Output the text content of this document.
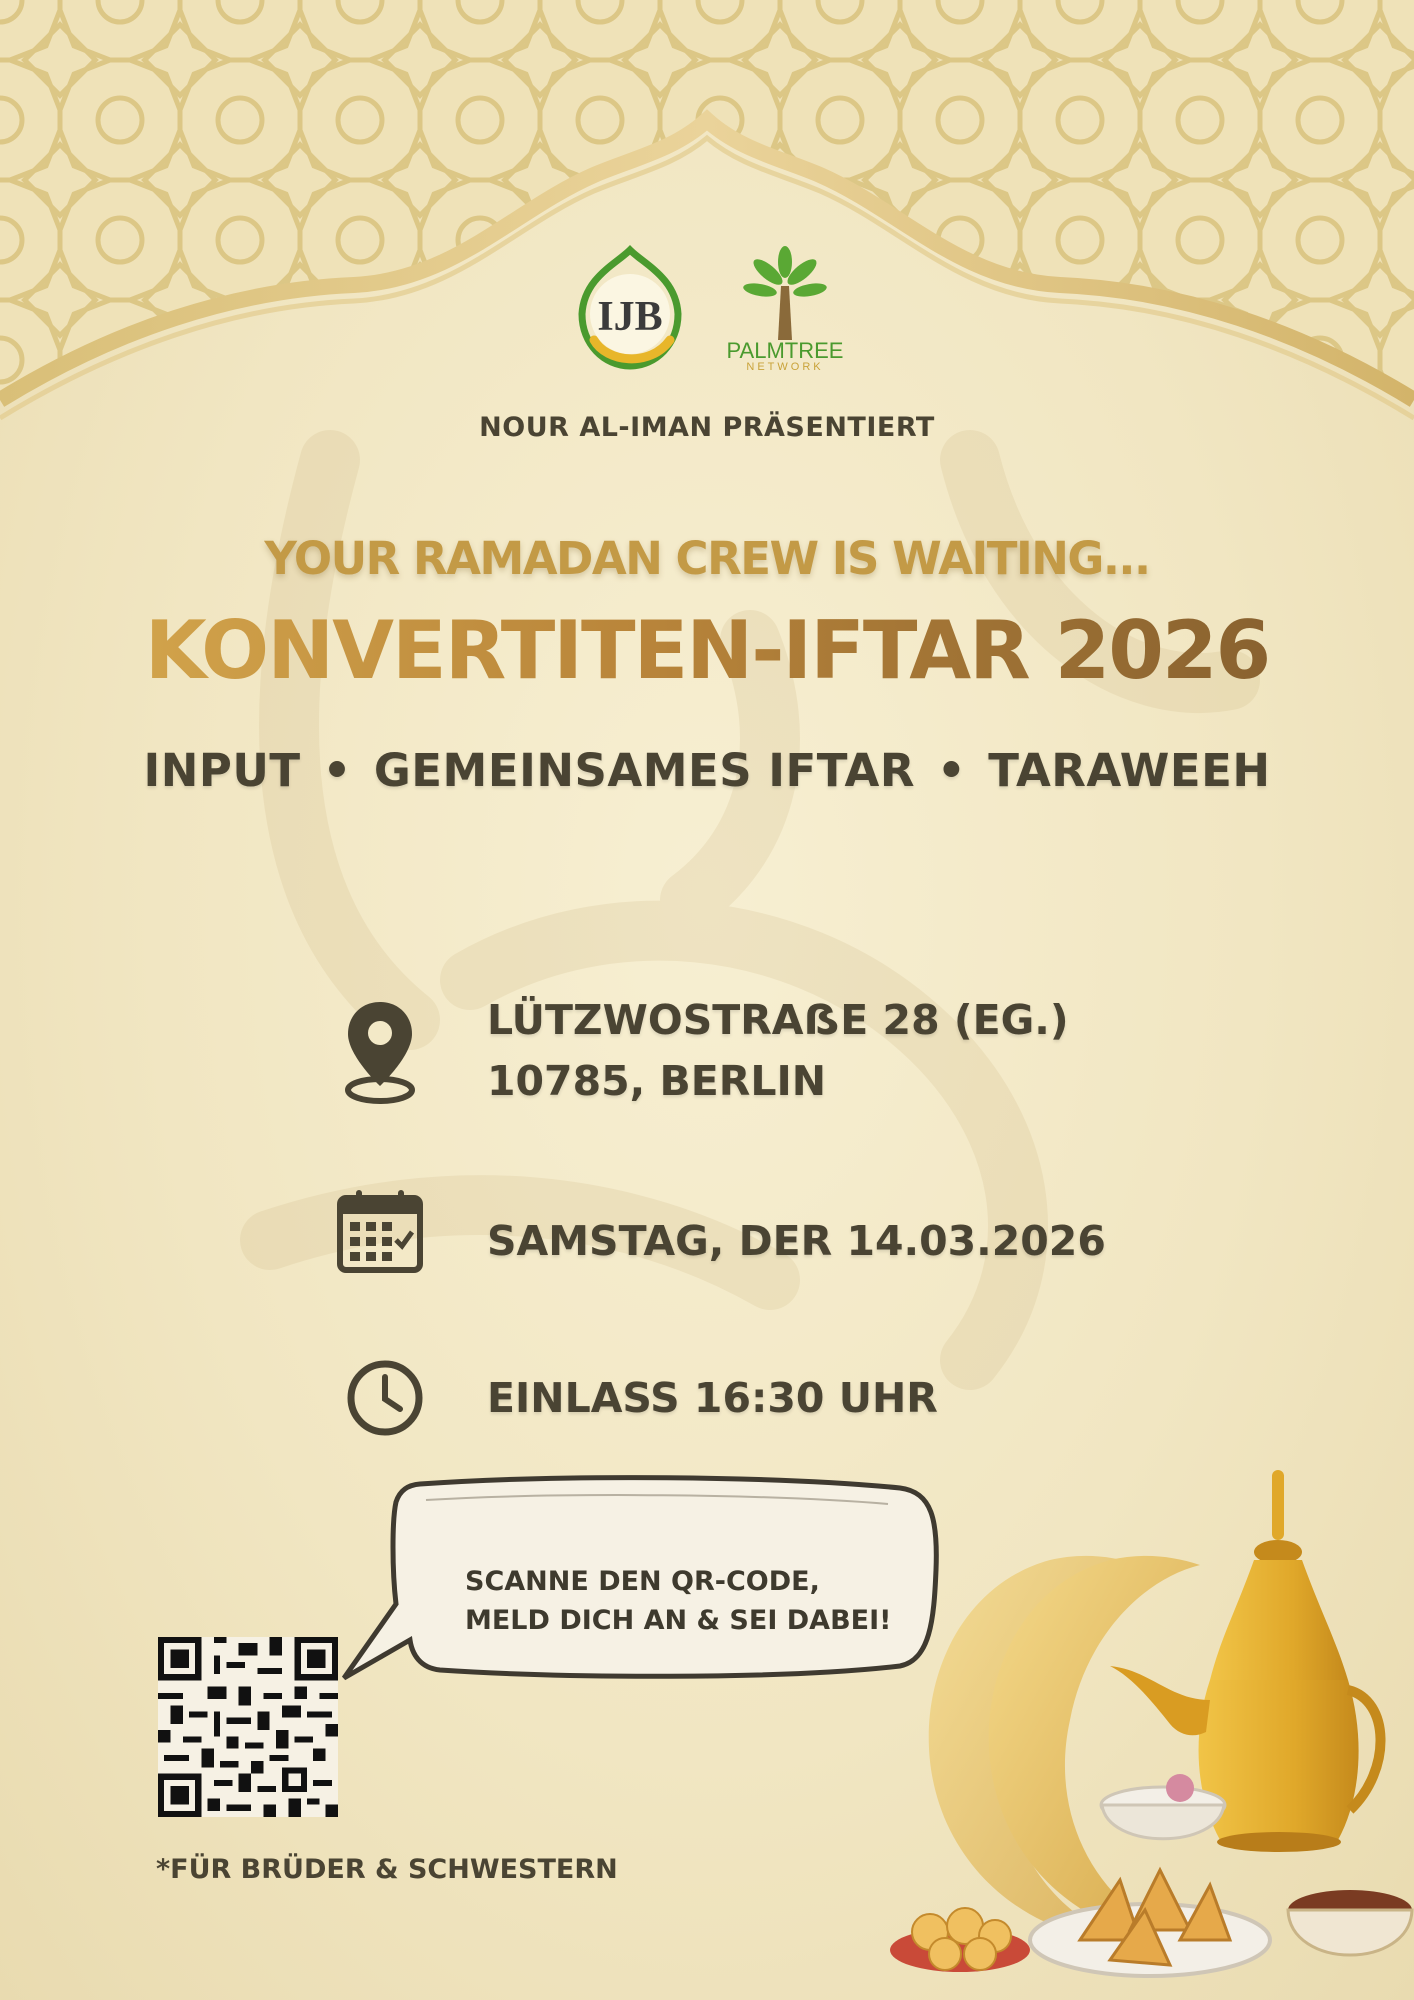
IJB
PALMTREE
NETWORK
NOUR AL-IMAN PRÄSENTIERT
YOUR RAMADAN CREW IS WAITING...
KONVERTITEN-IFTAR 2026
INPUT • GEMEINSAMES IFTAR • TARAWEEH
LÜTZWOSTRAẞE 28 (EG.)
10785, BERLIN
SAMSTAG, DER 14.03.2026
EINLASS 16:30 UHR
SCANNE DEN QR-CODE,
MELD DICH AN & SEI DABEI!
*FÜR BRÜDER & SCHWESTERN
